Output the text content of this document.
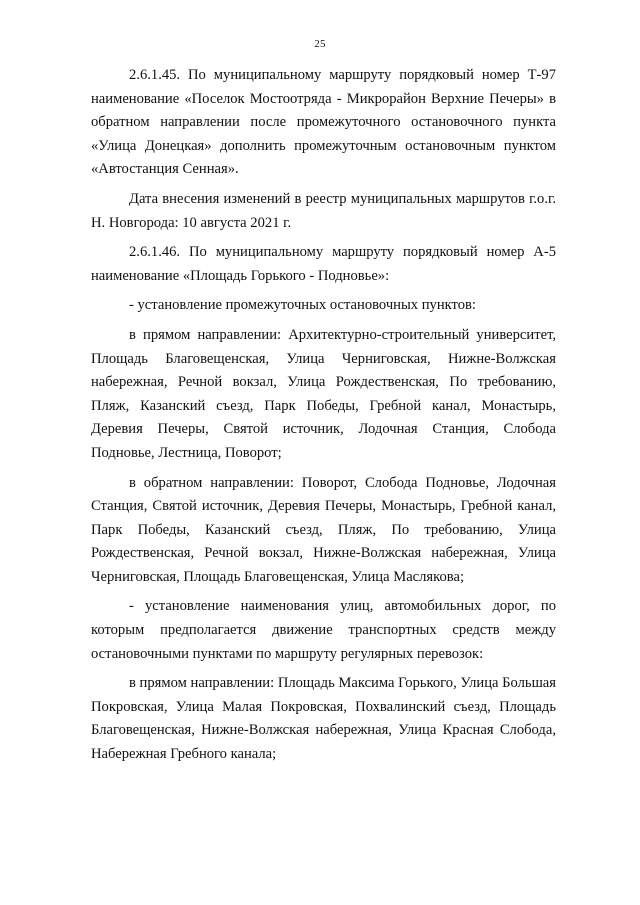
25

2.6.1.45. По муниципальному маршруту порядковый номер Т-97 наименование «Поселок Мостоотряда - Микрорайон Верхние Печеры» в обратном направлении после промежуточного остановочного пункта «Улица Донецкая» дополнить промежуточным остановочным пунктом «Автостанция Сенная».

Дата внесения изменений в реестр муниципальных маршрутов г.о.г. Н. Новгорода: 10 августа 2021 г.

2.6.1.46. По муниципальному маршруту порядковый номер А-5 наименование «Площадь Горького - Подновье»:

- установление промежуточных остановочных пунктов:

в прямом направлении: Архитектурно-строительный университет, Площадь Благовещенская, Улица Черниговская, Нижне-Волжская набережная, Речной вокзал, Улица Рождественская, По требованию, Пляж, Казанский съезд, Парк Победы, Гребной канал, Монастырь, Деревия Печеры, Святой источник, Лодочная Станция, Слобода Подновье, Лестница, Поворот;

в обратном направлении: Поворот, Слобода Подновье, Лодочная Станция, Святой источник, Деревия Печеры, Монастырь, Гребной канал, Парк Победы, Казанский съезд, Пляж, По требованию, Улица Рождественская, Речной вокзал, Нижне-Волжская набережная, Улица Черниговская, Площадь Благовещенская, Улица Маслякова;

- установление наименования улиц, автомобильных дорог, по которым предполагается движение транспортных средств между остановочными пунктами по маршруту регулярных перевозок:

в прямом направлении: Площадь Максима Горького, Улица Большая Покровская, Улица Малая Покровская, Похвалинский съезд, Площадь Благовещенская, Нижне-Волжская набережная, Улица Красная Слобода, Набережная Гребного канала;
